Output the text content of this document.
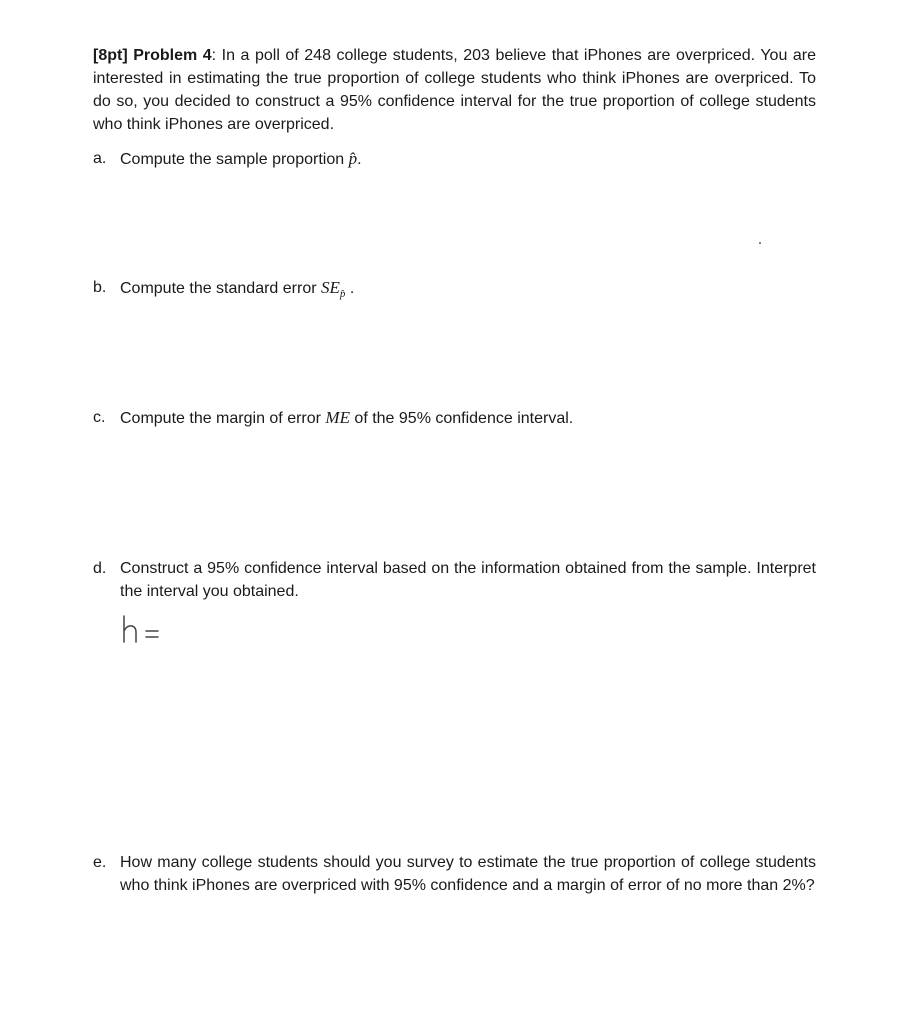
[8pt] Problem 4: In a poll of 248 college students, 203 believe that iPhones are overpriced. You are interested in estimating the true proportion of college students who think iPhones are overpriced. To do so, you decided to construct a 95% confidence interval for the true proportion of college students who think iPhones are overpriced.
a. Compute the sample proportion p̂.
b. Compute the standard error $SE_{p̂}$ .
c. Compute the margin of error ME of the 95% confidence interval.
d. Construct a 95% confidence interval based on the information obtained from the sample. Interpret the interval you obtained.
e. How many college students should you survey to estimate the true proportion of college students who think iPhones are overpriced with 95% confidence and a margin of error of no more than 2%?
